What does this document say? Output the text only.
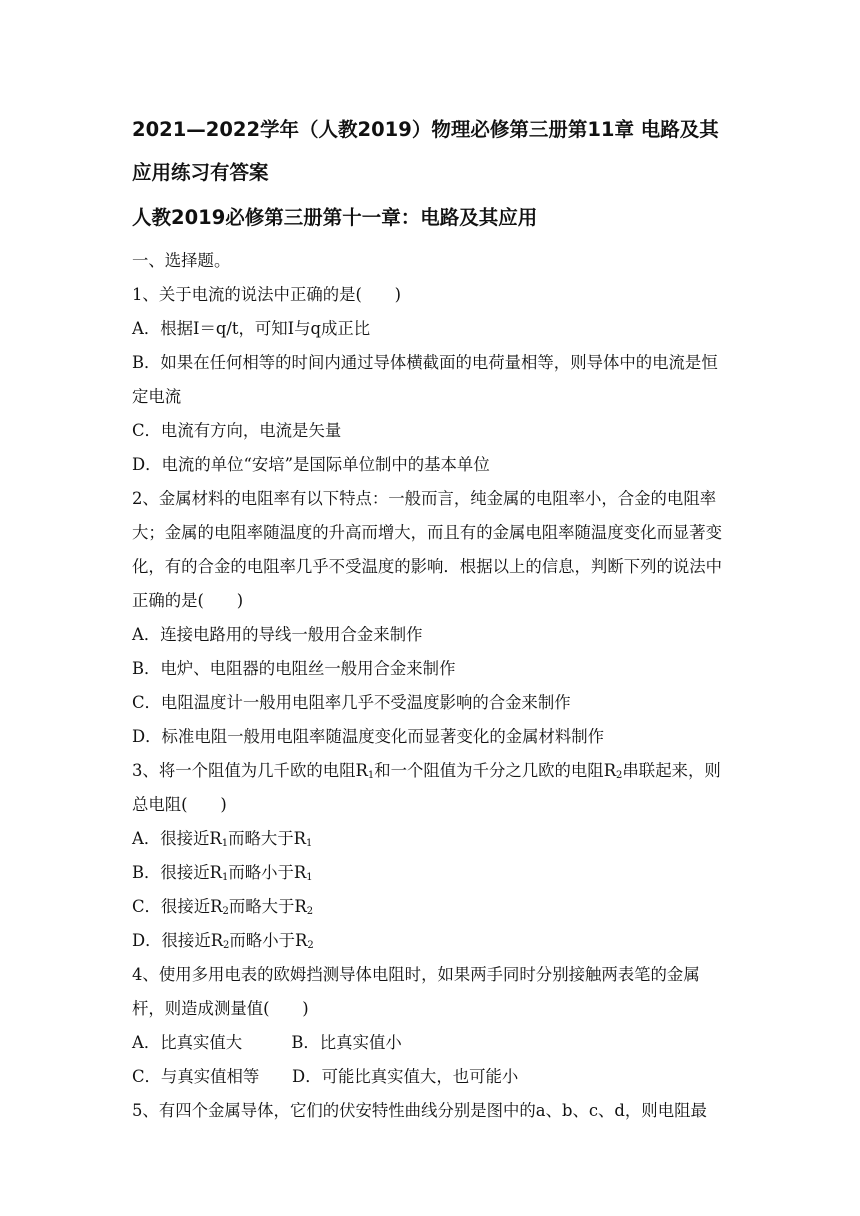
2021—2022学年（人教2019）物理必修第三册第11章 电路及其应用练习有答案
人教2019必修第三册第十一章：电路及其应用

一、选择题。

1、关于电流的说法中正确的是(　　)

A．根据I＝q/t，可知I与q成正比

B．如果在任何相等的时间内通过导体横截面的电荷量相等，则导体中的电流是恒定电流

C．电流有方向，电流是矢量

D．电流的单位“安培”是国际单位制中的基本单位

2、金属材料的电阻率有以下特点：一般而言，纯金属的电阻率小，合金的电阻率大；金属的电阻率随温度的升高而增大，而且有的金属电阻率随温度变化而显著变化，有的合金的电阻率几乎不受温度的影响．根据以上的信息，判断下列的说法中正确的是(　　)

A．连接电路用的导线一般用合金来制作

B．电炉、电阻器的电阻丝一般用合金来制作

C．电阻温度计一般用电阻率几乎不受温度影响的合金来制作

D．标准电阻一般用电阻率随温度变化而显著变化的金属材料制作

3、将一个阻值为几千欧的电阻$R_1$和一个阻值为千分之几欧的电阻$R_2$串联起来，则总电阻(　　)

A．很接近$R_1$而略大于$R_1$

B．很接近$R_1$而略小于$R_1$

C．很接近$R_2$而略大于$R_2$

D．很接近$R_2$而略小于$R_2$

4、使用多用电表的欧姆挡测导体电阻时，如果两手同时分别接触两表笔的金属杆，则造成测量值(　　)

A．比真实值大　　　B．比真实值小

C．与真实值相等　　D．可能比真实值大，也可能小

5、有四个金属导体，它们的伏安特性曲线分别是图中的a、b、c、d，则电阻最
